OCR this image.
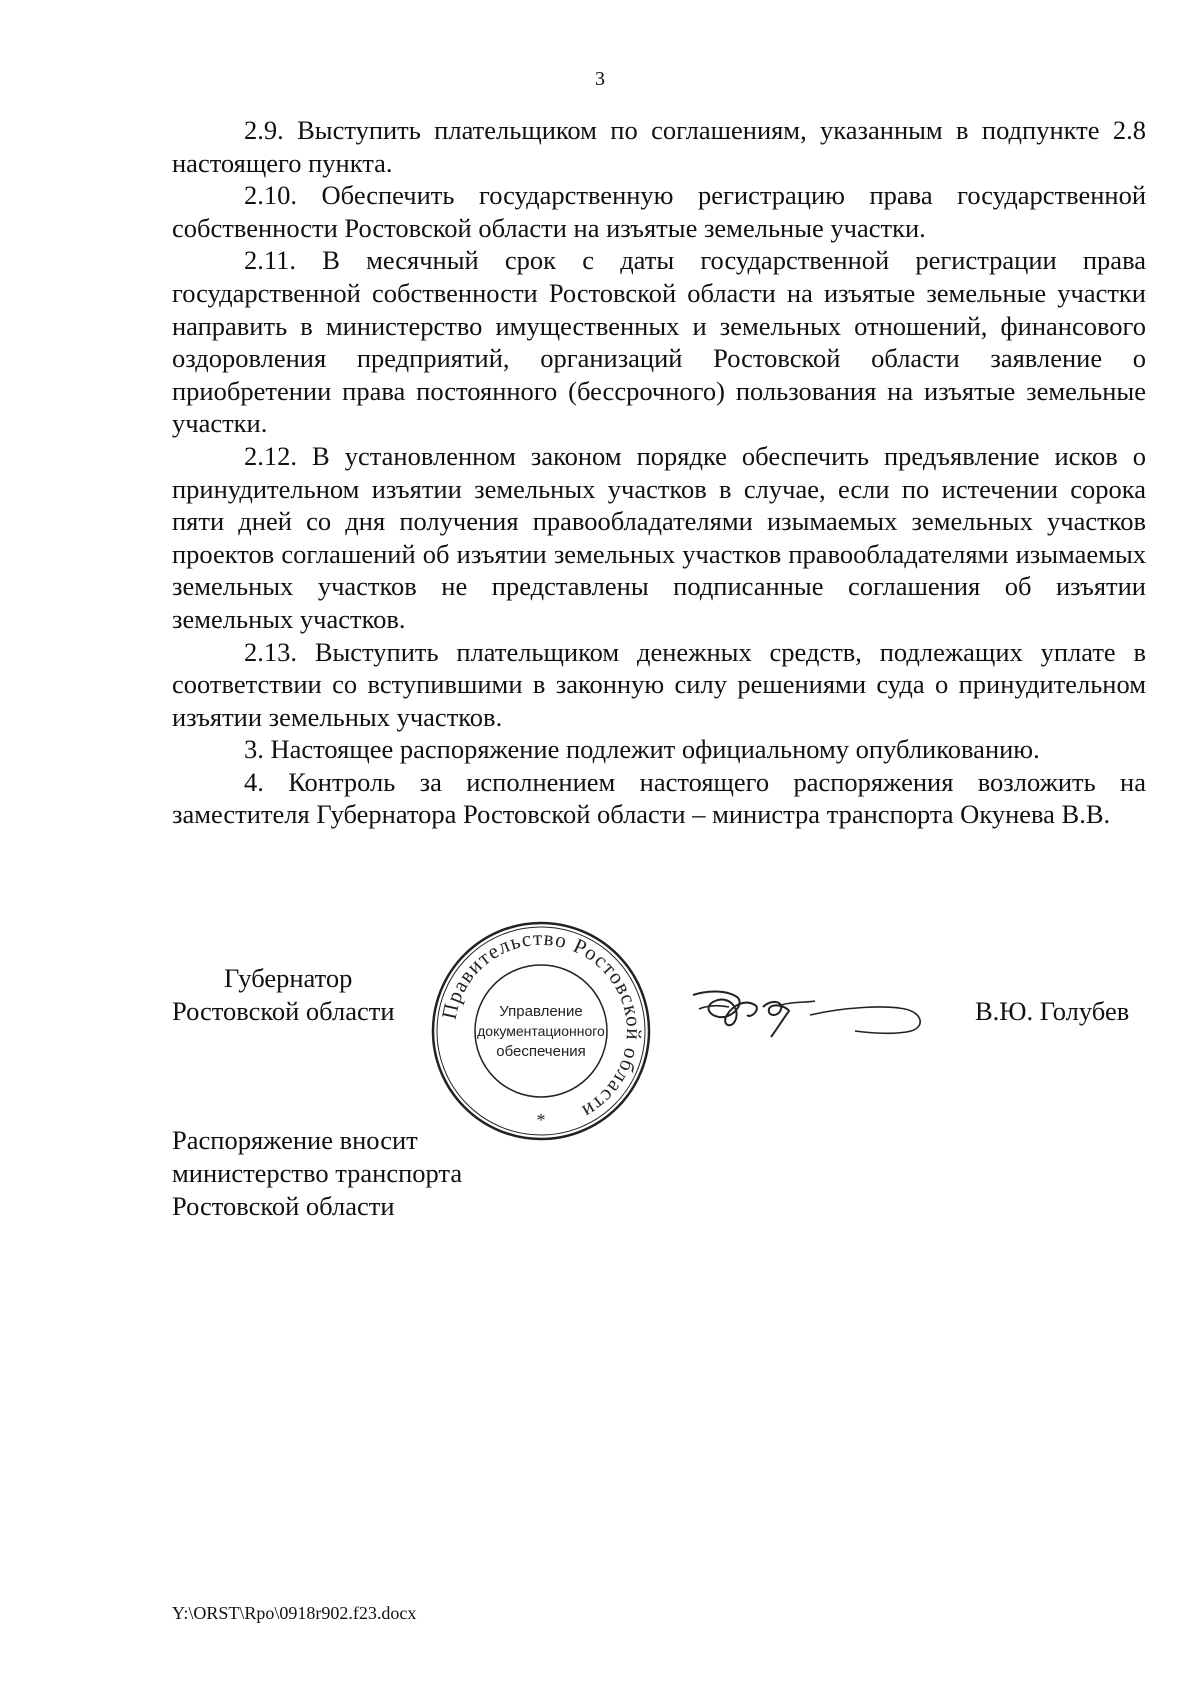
3

2.9. Выступить плательщиком по соглашениям, указанным в подпункте 2.8 настоящего пункта.

2.10. Обеспечить государственную регистрацию права государственной собственности Ростовской области на изъятые земельные участки.

2.11. В месячный срок с даты государственной регистрации права государственной собственности Ростовской области на изъятые земельные участки направить в министерство имущественных и земельных отношений, финансового оздоровления предприятий, организаций Ростовской области заявление о приобретении права постоянного (бессрочного) пользования на изъятые земельные участки.

2.12. В установленном законом порядке обеспечить предъявление исков о принудительном изъятии земельных участков в случае, если по истечении сорока пяти дней со дня получения правообладателями изымаемых земельных участков проектов соглашений об изъятии земельных участков правообладателями изымаемых земельных участков не представлены подписанные соглашения об изъятии земельных участков.

2.13. Выступить плательщиком денежных средств, подлежащих уплате в соответствии со вступившими в законную силу решениями суда о принудительном изъятии земельных участков.

3. Настоящее распоряжение подлежит официальному опубликованию.

4. Контроль за исполнением настоящего распоряжения возложить на заместителя Губернатора Ростовской области – министра транспорта Окунева В.В.

Губернатор
Ростовской области	Правительство Ростовской области
Управление
документационного
обеспечения
*
В.Ю. Голубев
Распоряжение вносит
министерство транспорта
Ростовской области
Y:\ORST\Rpo\0918r902.f23.docx
